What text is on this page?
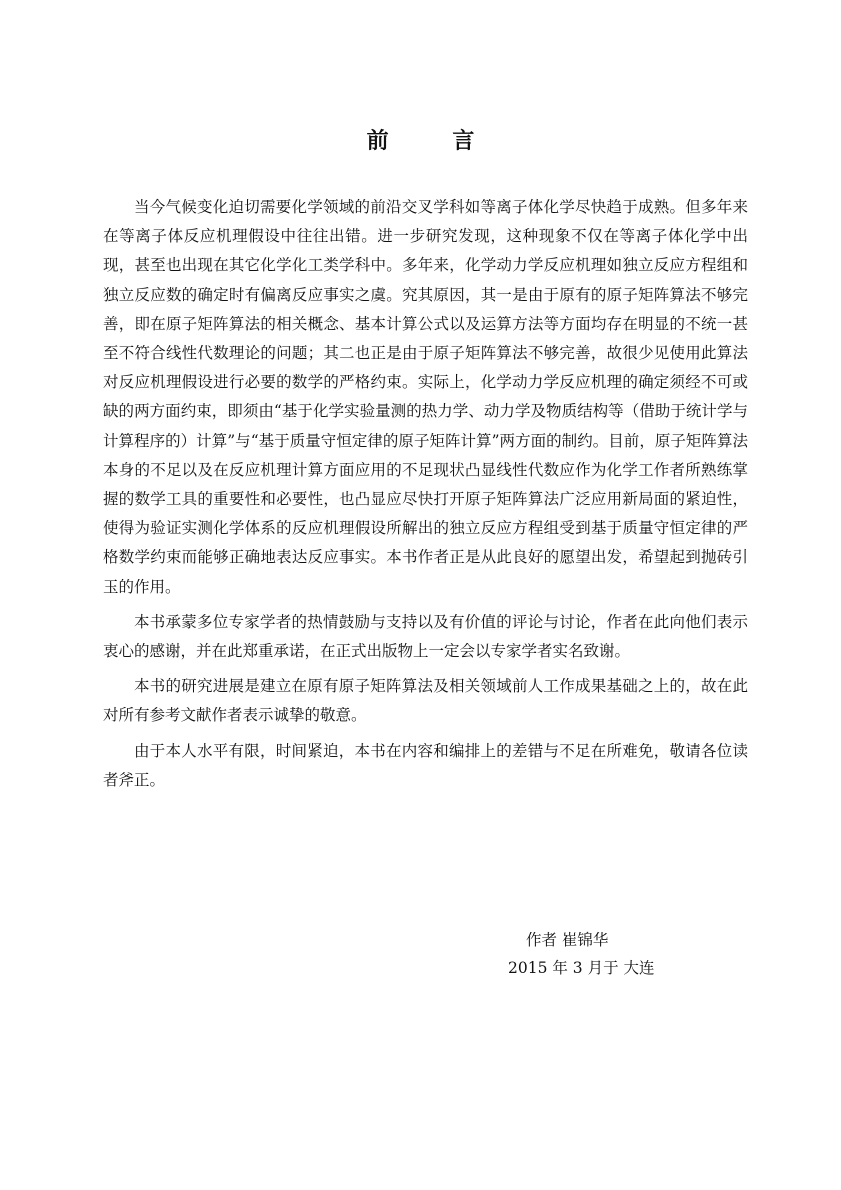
前 言

当今气候变化迫切需要化学领域的前沿交叉学科如等离子体化学尽快趋于成熟。但多年来在等离子体反应机理假设中往往出错。进一步研究发现，这种现象不仅在等离子体化学中出现，甚至也出现在其它化学化工类学科中。多年来，化学动力学反应机理如独立反应方程组和独立反应数的确定时有偏离反应事实之虞。究其原因，其一是由于原有的原子矩阵算法不够完善，即在原子矩阵算法的相关概念、基本计算公式以及运算方法等方面均存在明显的不统一甚至不符合线性代数理论的问题；其二也正是由于原子矩阵算法不够完善，故很少见使用此算法对反应机理假设进行必要的数学的严格约束。实际上，化学动力学反应机理的确定须经不可或缺的两方面约束，即须由“基于化学实验量测的热力学、动力学及物质结构等（借助于统计学与计算程序的）计算”与“基于质量守恒定律的原子矩阵计算”两方面的制约。目前，原子矩阵算法本身的不足以及在反应机理计算方面应用的不足现状凸显线性代数应作为化学工作者所熟练掌握的数学工具的重要性和必要性，也凸显应尽快打开原子矩阵算法广泛应用新局面的紧迫性，使得为验证实测化学体系的反应机理假设所解出的独立反应方程组受到基于质量守恒定律的严格数学约束而能够正确地表达反应事实。本书作者正是从此良好的愿望出发，希望起到抛砖引玉的作用。

本书承蒙多位专家学者的热情鼓励与支持以及有价值的评论与讨论，作者在此向他们表示衷心的感谢，并在此郑重承诺，在正式出版物上一定会以专家学者实名致谢。

本书的研究进展是建立在原有原子矩阵算法及相关领域前人工作成果基础之上的，故在此对所有参考文献作者表示诚挚的敬意。

由于本人水平有限，时间紧迫，本书在内容和编排上的差错与不足在所难免，敬请各位读者斧正。

作者 崔锦华
2015 年 3 月于 大连
